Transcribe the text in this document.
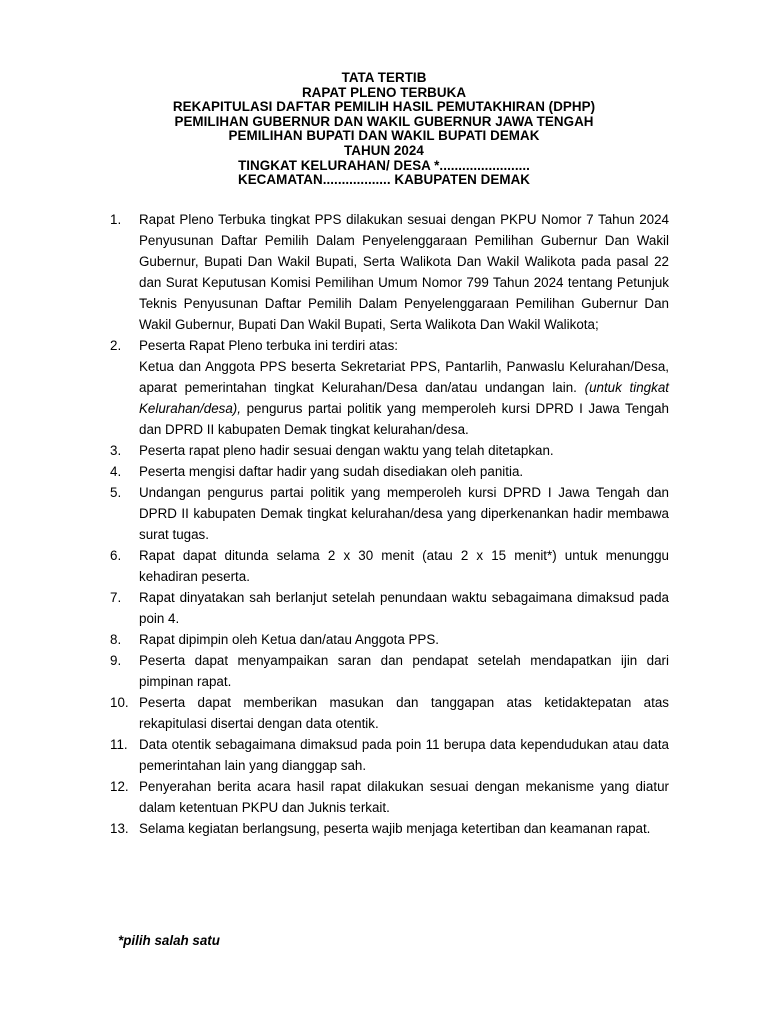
TATA TERTIB
RAPAT PLENO TERBUKA
REKAPITULASI DAFTAR PEMILIH HASIL PEMUTAKHIRAN (DPHP)
PEMILIHAN GUBERNUR DAN WAKIL GUBERNUR JAWA TENGAH
PEMILIHAN BUPATI DAN WAKIL BUPATI DEMAK
TAHUN 2024
TINGKAT KELURAHAN/ DESA *........................
KECAMATAN.................. KABUPATEN DEMAK
1. Rapat Pleno Terbuka tingkat PPS dilakukan sesuai dengan PKPU Nomor 7 Tahun 2024 Penyusunan Daftar Pemilih Dalam Penyelenggaraan Pemilihan Gubernur Dan Wakil Gubernur, Bupati Dan Wakil Bupati, Serta Walikota Dan Wakil Walikota pada pasal 22 dan Surat Keputusan Komisi Pemilihan Umum Nomor 799 Tahun 2024 tentang Petunjuk Teknis Penyusunan Daftar Pemilih Dalam Penyelenggaraan Pemilihan Gubernur Dan Wakil Gubernur, Bupati Dan Wakil Bupati, Serta Walikota Dan Wakil Walikota;
2. Peserta Rapat Pleno terbuka ini terdiri atas:
Ketua dan Anggota PPS beserta Sekretariat PPS, Pantarlih, Panwaslu Kelurahan/Desa, aparat pemerintahan tingkat Kelurahan/Desa dan/atau undangan lain. (untuk tingkat Kelurahan/desa), pengurus partai politik yang memperoleh kursi DPRD I Jawa Tengah dan DPRD II kabupaten Demak tingkat kelurahan/desa.
3. Peserta rapat pleno hadir sesuai dengan waktu yang telah ditetapkan.
4. Peserta mengisi daftar hadir yang sudah disediakan oleh panitia.
5. Undangan pengurus partai politik yang memperoleh kursi DPRD I Jawa Tengah dan DPRD II kabupaten Demak tingkat kelurahan/desa yang diperkenankan hadir membawa surat tugas.
6. Rapat dapat ditunda selama 2 x 30 menit (atau 2 x 15 menit*) untuk menunggu kehadiran peserta.
7. Rapat dinyatakan sah berlanjut setelah penundaan waktu sebagaimana dimaksud pada poin 4.
8. Rapat dipimpin oleh Ketua dan/atau Anggota PPS.
9. Peserta dapat menyampaikan saran dan pendapat setelah mendapatkan ijin dari pimpinan rapat.
10. Peserta dapat memberikan masukan dan tanggapan atas ketidaktepatan atas rekapitulasi disertai dengan data otentik.
11. Data otentik sebagaimana dimaksud pada poin 11 berupa data kependudukan atau data pemerintahan lain yang dianggap sah.
12. Penyerahan berita acara hasil rapat dilakukan sesuai dengan mekanisme yang diatur dalam ketentuan PKPU dan Juknis terkait.
13. Selama kegiatan berlangsung, peserta wajib menjaga ketertiban dan keamanan rapat.
*pilih salah satu
